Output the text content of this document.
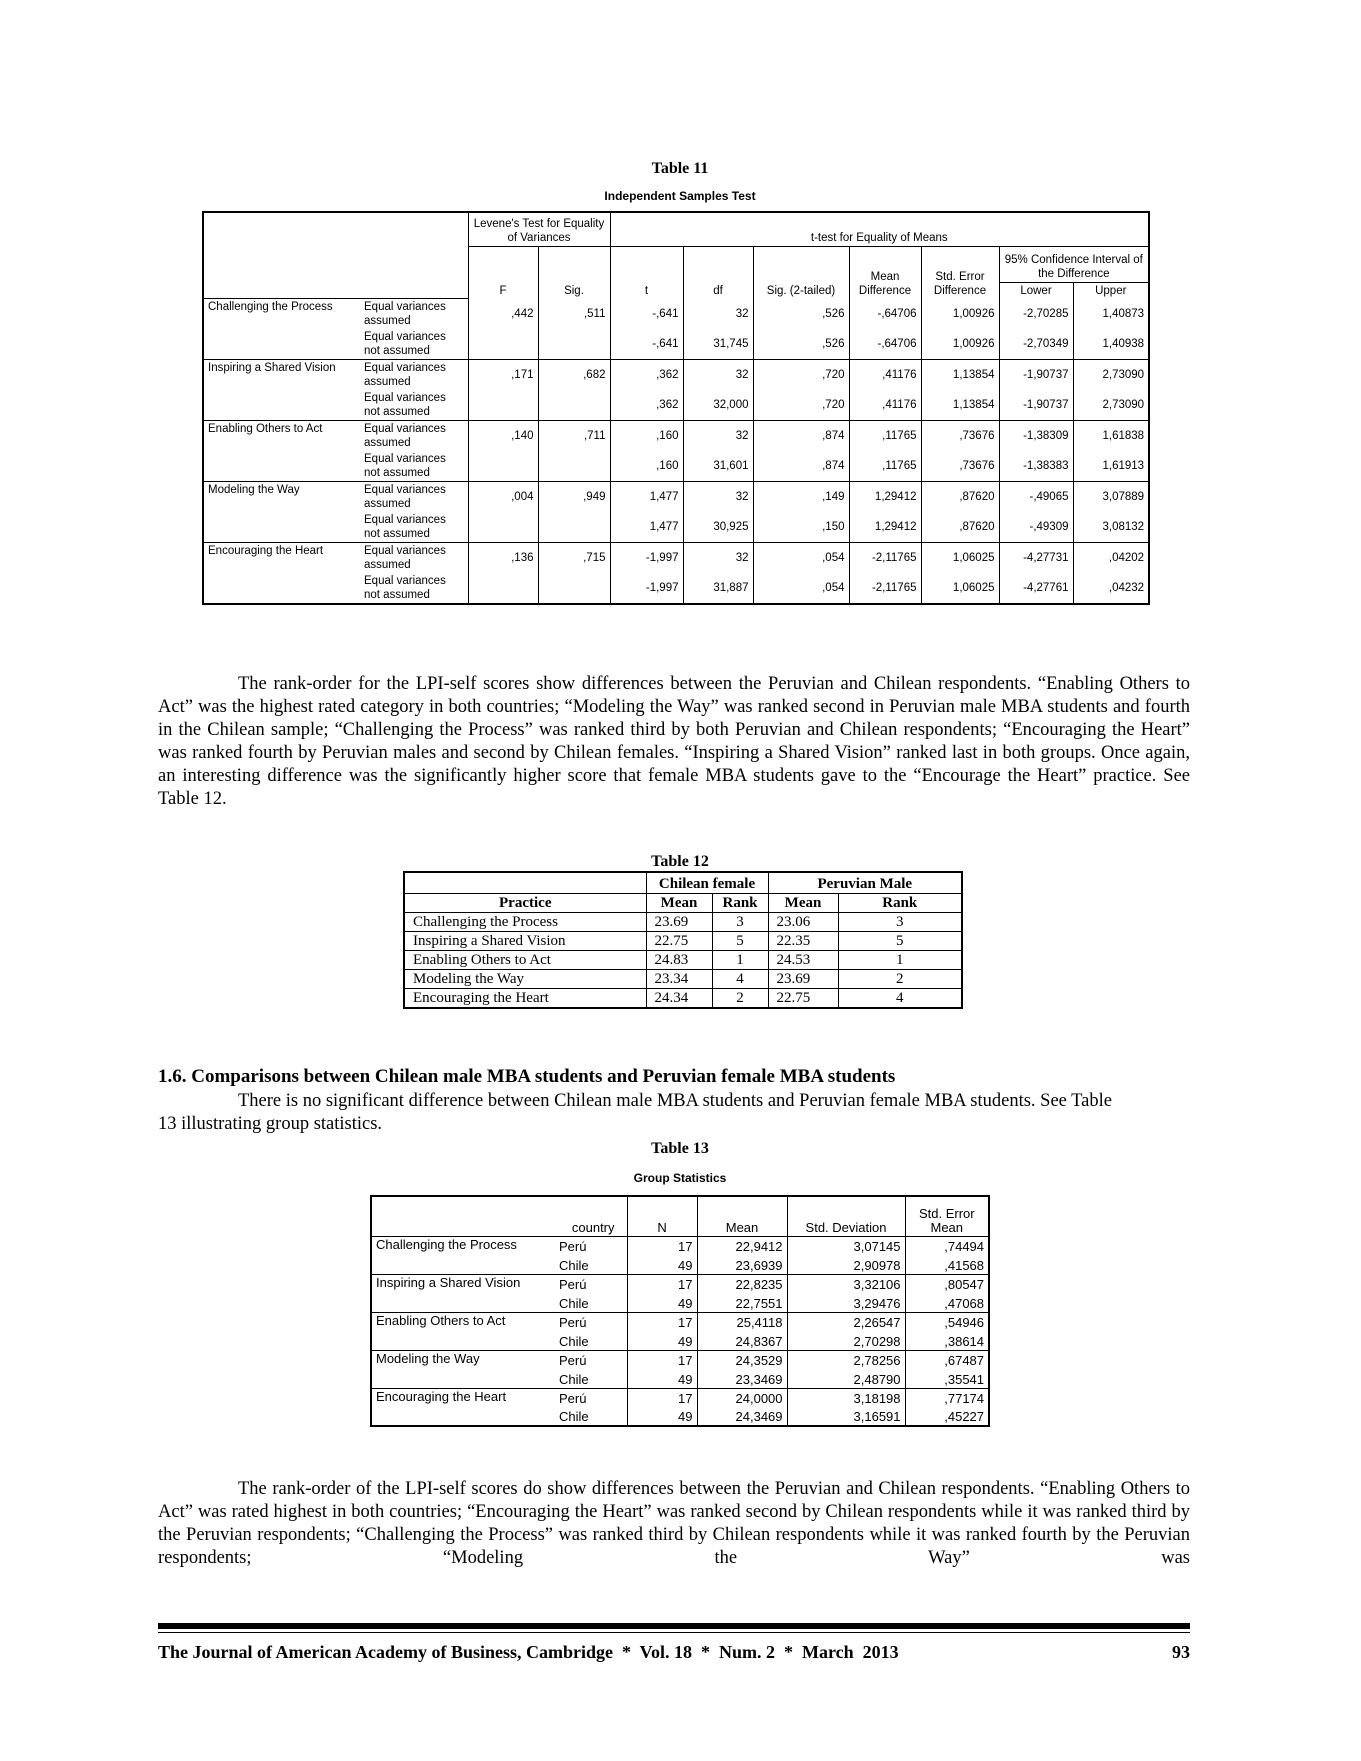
Table 11
Independent Samples Test
		Levene's Test for Equality of Variances		t-test for Equality of Means						
		F	Sig.	t	df	Sig. (2-tailed)	Mean Difference	Std. Error Difference	95% Confidence Interval of the Difference	
									Lower	Upper
Challenging the Process	Equal variances assumed	,442	,511	-,641	32	,526	-,64706	1,00926	-2,70285	1,40873
	Equal variances not assumed			-,641	31,745	,526	-,64706	1,00926	-2,70349	1,40938
Inspiring a Shared Vision	Equal variances assumed	,171	,682	,362	32	,720	,41176	1,13854	-1,90737	2,73090
	Equal variances not assumed			,362	32,000	,720	,41176	1,13854	-1,90737	2,73090
Enabling Others to Act	Equal variances assumed	,140	,711	,160	32	,874	,11765	,73676	-1,38309	1,61838
	Equal variances not assumed			,160	31,601	,874	,11765	,73676	-1,38383	1,61913
Modeling the Way	Equal variances assumed	,004	,949	1,477	32	,149	1,29412	,87620	-,49065	3,07889
	Equal variances not assumed			1,477	30,925	,150	1,29412	,87620	-,49309	3,08132
Encouraging the Heart	Equal variances assumed	,136	,715	-1,997	32	,054	-2,11765	1,06025	-4,27731	,04202
	Equal variances not assumed			-1,997	31,887	,054	-2,11765	1,06025	-4,27761	,04232

The rank-order for the LPI-self scores show differences between the Peruvian and Chilean respondents. “Enabling Others to Act” was the highest rated category in both countries; “Modeling the Way” was ranked second in Peruvian male MBA students and fourth in the Chilean sample; “Challenging the Process” was ranked third by both Peruvian and Chilean respondents; “Encouraging the Heart” was ranked fourth by Peruvian males and second by Chilean females. “Inspiring a Shared Vision” ranked last in both groups. Once again, an interesting difference was the significantly higher score that female MBA students gave to the “Encourage the Heart” practice. See Table 12.

Table 12
	Chilean female		Peruvian Male	
Practice	Mean	Rank	Mean	Rank
Challenging the Process	23.69	3	23.06	3
Inspiring a Shared Vision	22.75	5	22.35	5
Enabling Others to Act	24.83	1	24.53	1
Modeling the Way	23.34	4	23.69	2
Encouraging the Heart	24.34	2	22.75	4
1.6. Comparisons between Chilean male MBA students and Peruvian female MBA students

There is no significant difference between Chilean male MBA students and Peruvian female MBA students. See Table 13 illustrating group statistics.

Table 13
Group Statistics
country		N	Mean	Std. Deviation	Std. Error Mean
Challenging the Process	Perú	17	22,9412	3,07145	,74494
	Chile	49	23,6939	2,90978	,41568
Inspiring a Shared Vision	Perú	17	22,8235	3,32106	,80547
	Chile	49	22,7551	3,29476	,47068
Enabling Others to Act	Perú	17	25,4118	2,26547	,54946
	Chile	49	24,8367	2,70298	,38614
Modeling the Way	Perú	17	24,3529	2,78256	,67487
	Chile	49	23,3469	2,48790	,35541
Encouraging the Heart	Perú	17	24,0000	3,18198	,77174
	Chile	49	24,3469	3,16591	,45227

The rank-order of the LPI-self scores do show differences between the Peruvian and Chilean respondents. “Enabling Others to Act” was rated highest in both countries; “Encouraging the Heart” was ranked second by Chilean respondents while it was ranked third by the Peruvian respondents; “Challenging the Process” was ranked third by Chilean respondents while it was ranked fourth by the Peruvian respondents; “Modeling the Way” was

The Journal of American Academy of Business, Cambridge  *  Vol. 18  *  Num. 2  *  March  2013	93
